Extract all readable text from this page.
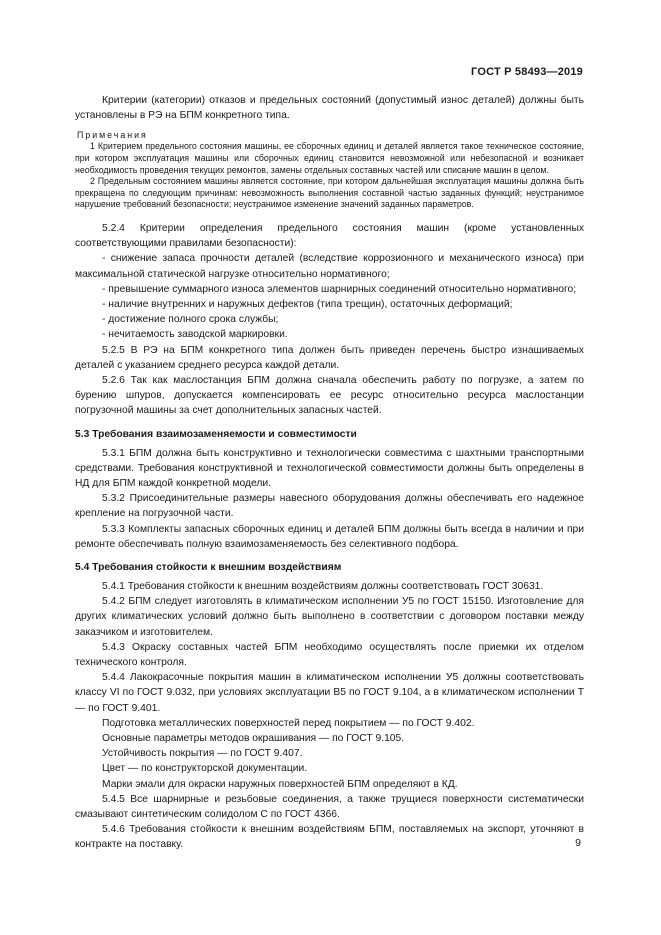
ГОСТ Р 58493—2019

Критерии (категории) отказов и предельных состояний (допустимый износ деталей) должны быть установлены в РЭ на БПМ конкретного типа.

Примечания

1 Критерием предельного состояния машины, ее сборочных единиц и деталей является такое техническое состояние, при котором эксплуатация машины или сборочных единиц становится невозможной или небезопасной и возникает необходимость проведения текущих ремонтов, замены отдельных составных частей или списание машин в целом.

2 Предельным состоянием машины является состояние, при котором дальнейшая эксплуатация машины должна быть прекращена по следующим причинам: невозможность выполнения составной частью заданных функций; неустранимое нарушение требований безопасности; неустранимое изменение значений заданных параметров.

5.2.4 Критерии определения предельного состояния машин (кроме установленных соответствующими правилами безопасности):

- снижение запаса прочности деталей (вследствие коррозионного и механического износа) при максимальной статической нагрузке относительно нормативного;

- превышение суммарного износа элементов шарнирных соединений относительно нормативного;

- наличие внутренних и наружных дефектов (типа трещин), остаточных деформаций;

- достижение полного срока службы;

- нечитаемость заводской маркировки.

5.2.5 В РЭ на БПМ конкретного типа должен быть приведен перечень быстро изнашиваемых деталей с указанием среднего ресурса каждой детали.

5.2.6 Так как маслостанция БПМ должна сначала обеспечить работу по погрузке, а затем по бурению шпуров, допускается компенсировать ее ресурс относительно ресурса маслостанции погрузочной машины за счет дополнительных запасных частей.

5.3 Требования взаимозаменяемости и совместимости

5.3.1 БПМ должна быть конструктивно и технологически совместима с шахтными транспортными средствами. Требования конструктивной и технологической совместимости должны быть определены в НД для БПМ каждой конкретной модели.

5.3.2 Присоединительные размеры навесного оборудования должны обеспечивать его надежное крепление на погрузочной части.

5.3.3 Комплекты запасных сборочных единиц и деталей БПМ должны быть всегда в наличии и при ремонте обеспечивать полную взаимозаменяемость без селективного подбора.

5.4 Требования стойкости к внешним воздействиям

5.4.1 Требования стойкости к внешним воздействиям должны соответствовать ГОСТ 30631.

5.4.2 БПМ следует изготовлять в климатическом исполнении У5 по ГОСТ 15150. Изготовление для других климатических условий должно быть выполнено в соответствии с договором поставки между заказчиком и изготовителем.

5.4.3 Окраску составных частей БПМ необходимо осуществлять после приемки их отделом технического контроля.

5.4.4 Лакокрасочные покрытия машин в климатическом исполнении У5 должны соответствовать классу VI по ГОСТ 9.032, при условиях эксплуатации В5 по ГОСТ 9.104, а в климатическом исполнении Т — по ГОСТ 9.401.

Подготовка металлических поверхностей перед покрытием — по ГОСТ 9.402.

Основные параметры методов окрашивания — по ГОСТ 9.105.

Устойчивость покрытия — по ГОСТ 9.407.

Цвет — по конструкторской документации.

Марки эмали для окраски наружных поверхностей БПМ определяют в КД.

5.4.5 Все шарнирные и резьбовые соединения, а также трущиеся поверхности систематически смазывают синтетическим солидолом С по ГОСТ 4366.

5.4.6 Требования стойкости к внешним воздействиям БПМ, поставляемых на экспорт, уточняют в контракте на поставку.	9
